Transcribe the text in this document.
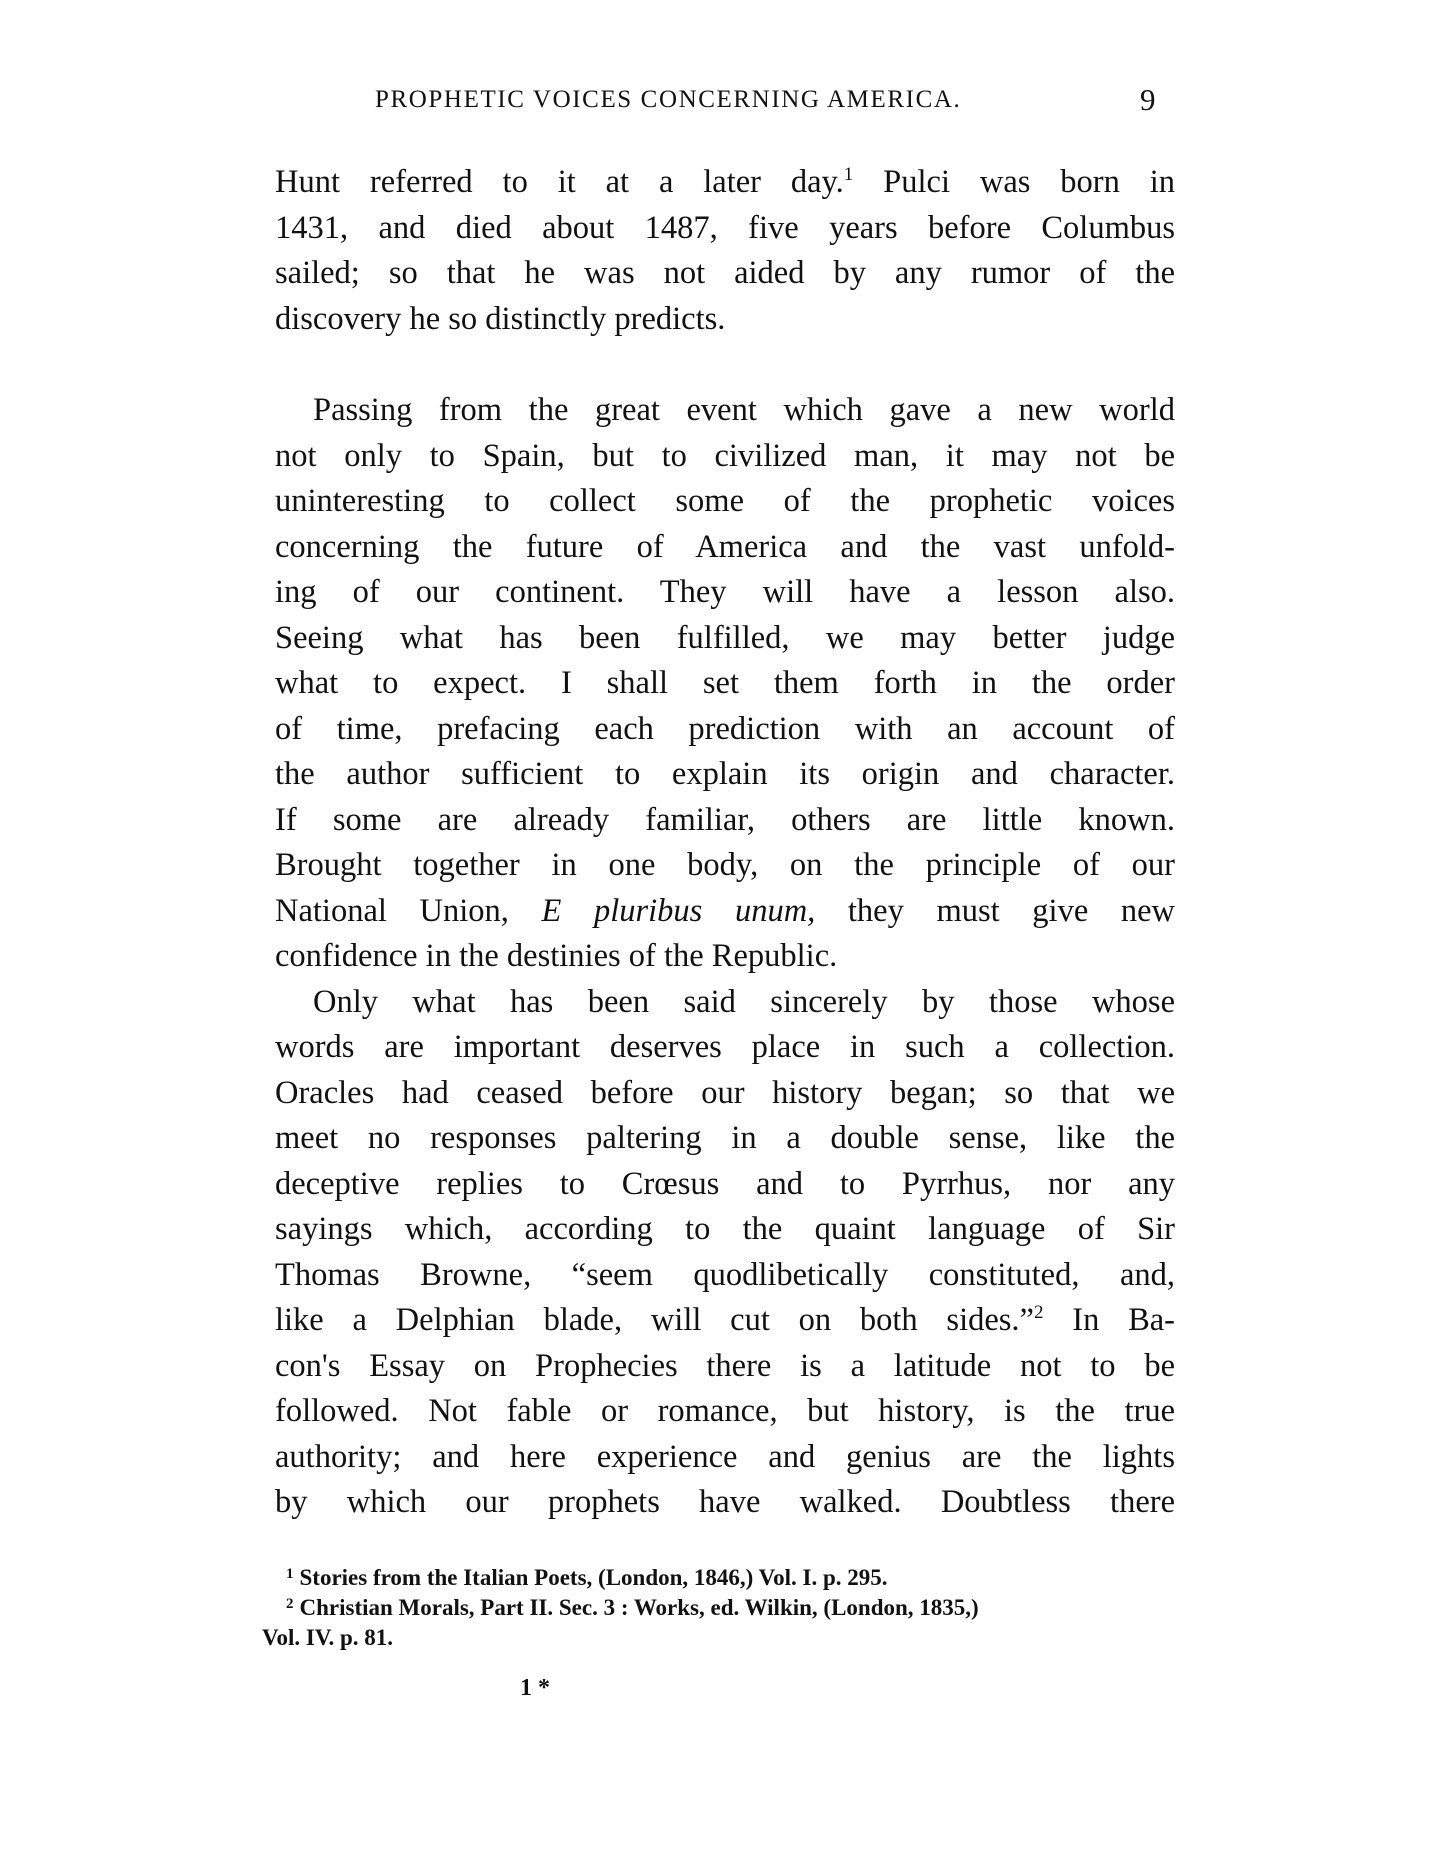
PROPHETIC VOICES CONCERNING AMERICA.	9
Hunt referred to it at a later day.$^1$ Pulci was born in
1431, and died about 1487, five years before Columbus
sailed; so that he was not aided by any rumor of the
discovery he so distinctly predicts.
Passing from the great event which gave a new world
not only to Spain, but to civilized man, it may not be
uninteresting to collect some of the prophetic voices
concerning the future of America and the vast unfold-
ing of our continent. They will have a lesson also.
Seeing what has been fulfilled, we may better judge
what to expect. I shall set them forth in the order
of time, prefacing each prediction with an account of
the author sufficient to explain its origin and character.
If some are already familiar, others are little known.
Brought together in one body, on the principle of our
National Union, E pluribus unum, they must give new
confidence in the destinies of the Republic.
Only what has been said sincerely by those whose
words are important deserves place in such a collection.
Oracles had ceased before our history began; so that we
meet no responses paltering in a double sense, like the
deceptive replies to Crœsus and to Pyrrhus, nor any
sayings which, according to the quaint language of Sir
Thomas Browne, “seem quodlibetically constituted, and,
like a Delphian blade, will cut on both sides.”$^2$ In Ba-
con's Essay on Prophecies there is a latitude not to be
followed. Not fable or romance, but history, is the true
authority; and here experience and genius are the lights
by which our prophets have walked. Doubtless there
$^1$ Stories from the Italian Poets, (London, 1846,) Vol. I. p. 295.
$^2$ Christian Morals, Part II. Sec. 3 : Works, ed. Wilkin, (London, 1835,)
Vol. IV. p. 81.
1 *
